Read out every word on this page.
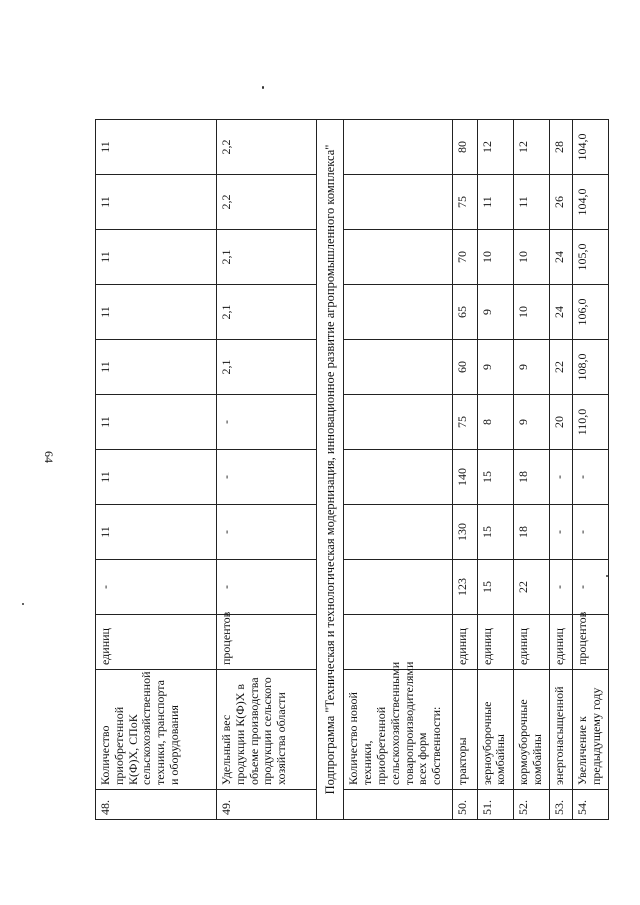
64
48.	Количество приобретенной К(Ф)Х, СПоК сельскохозяйственной техники, транспорта и оборудования	единиц	-	11	11	11	11	11	11	11	11
49.	Удельный вес продукции К(Ф)Х в объеме производства продукции сельского хозяйства области	процентов	-	-	-	-	2,1	2,1	2,1	2,2	2,2
Подпрограмма "Техническая и технологическая модернизация, инновационное развитие агропромышленного комплекса"											
	Количество новой техники, приобретенной сельскохозяйственными товаропроизводителями всех форм собственности:										
50.	тракторы	единиц	123	130	140	75	60	65	70	75	80
51.	зерноуборочные комбайны	единиц	15	15	15	8	9	9	10	11	12
52.	кормоуборочные комбайны	единиц	22	18	18	9	9	10	10	11	12
53.	энергонасыщенной	единиц	-	-	-	20	22	24	24	26	28
54.	Увеличение к предыдущему году	процентов	-	-	-	110,0	108,0	106,0	105,0	104,0	104,0
